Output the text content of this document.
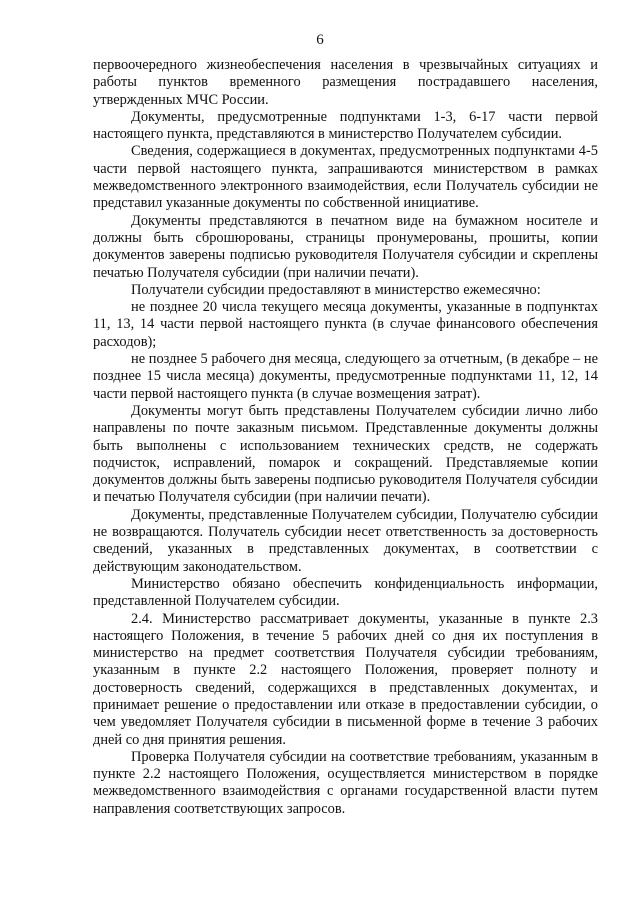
6

первоочередного жизнеобеспечения населения в чрезвычайных ситуациях и работы пунктов временного размещения пострадавшего населения, утвержденных МЧС России.

Документы, предусмотренные подпунктами 1-3, 6-17 части первой настоящего пункта, представляются в министерство Получателем субсидии.

Сведения, содержащиеся в документах, предусмотренных подпунктами 4-5 части первой настоящего пункта, запрашиваются министерством в рамках межведомственного электронного взаимодействия, если Получатель субсидии не представил указанные документы по собственной инициативе.

Документы представляются в печатном виде на бумажном носителе и должны быть сброшюрованы, страницы пронумерованы, прошиты, копии документов заверены подписью руководителя Получателя субсидии и скреплены печатью Получателя субсидии (при наличии печати).

Получатели субсидии предоставляют в министерство ежемесячно:

не позднее 20 числа текущего месяца документы, указанные в подпунктах 11, 13, 14 части первой настоящего пункта (в случае финансового обеспечения расходов);

не позднее 5 рабочего дня месяца, следующего за отчетным, (в декабре – не позднее 15 числа месяца) документы, предусмотренные подпунктами 11, 12, 14 части первой настоящего пункта (в случае возмещения затрат).

Документы могут быть представлены Получателем субсидии лично либо направлены по почте заказным письмом. Представленные документы должны быть выполнены с использованием технических средств, не содержать подчисток, исправлений, помарок и сокращений. Представляемые копии документов должны быть заверены подписью руководителя Получателя субсидии и печатью Получателя субсидии (при наличии печати).

Документы, представленные Получателем субсидии, Получателю субсидии не возвращаются. Получатель субсидии несет ответственность за достоверность сведений, указанных в представленных документах, в соответствии с действующим законодательством.

Министерство обязано обеспечить конфиденциальность информации, представленной Получателем субсидии.

2.4. Министерство рассматривает документы, указанные в пункте 2.3 настоящего Положения, в течение 5 рабочих дней со дня их поступления в министерство на предмет соответствия Получателя субсидии требованиям, указанным в пункте 2.2 настоящего Положения, проверяет полноту и достоверность сведений, содержащихся в представленных документах, и принимает решение о предоставлении или отказе в предоставлении субсидии, о чем уведомляет Получателя субсидии в письменной форме в течение 3 рабочих дней со дня принятия решения.

Проверка Получателя субсидии на соответствие требованиям, указанным в пункте 2.2 настоящего Положения, осуществляется министерством в порядке межведомственного взаимодействия с органами государственной власти путем направления соответствующих запросов.
